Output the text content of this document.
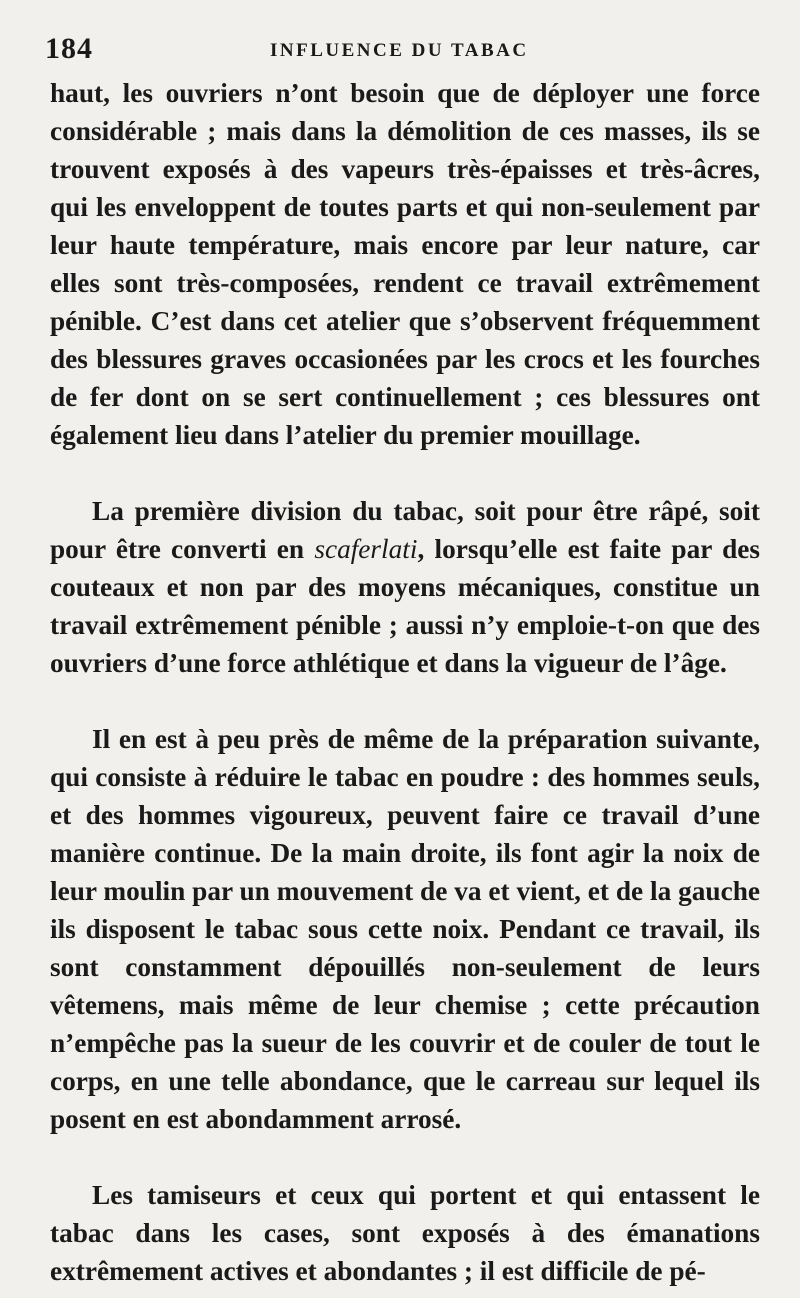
184	INFLUENCE DU TABAC

haut, les ouvriers n’ont besoin que de déployer une force considérable ; mais dans la démolition de ces masses, ils se trouvent exposés à des vapeurs très-épaisses et très-âcres, qui les enveloppent de toutes parts et qui non-seulement par leur haute température, mais encore par leur nature, car elles sont très-composées, rendent ce travail extrêmement pénible. C’est dans cet atelier que s’observent fréquemment des blessures graves occasionées par les crocs et les fourches de fer dont on se sert continuellement ; ces blessures ont également lieu dans l’atelier du premier mouillage.

La première division du tabac, soit pour être râpé, soit pour être converti en scaferlati, lorsqu’elle est faite par des couteaux et non par des moyens mécaniques, constitue un travail extrêmement pénible ; aussi n’y emploie-t-on que des ouvriers d’une force athlétique et dans la vigueur de l’âge.

Il en est à peu près de même de la préparation suivante, qui consiste à réduire le tabac en poudre : des hommes seuls, et des hommes vigoureux, peuvent faire ce travail d’une manière continue. De la main droite, ils font agir la noix de leur moulin par un mouvement de va et vient, et de la gauche ils disposent le tabac sous cette noix. Pendant ce travail, ils sont constamment dépouillés non-seulement de leurs vêtemens, mais même de leur chemise ; cette précaution n’empêche pas la sueur de les couvrir et de couler de tout le corps, en une telle abondance, que le carreau sur lequel ils posent en est abondamment arrosé.

Les tamiseurs et ceux qui portent et qui entassent le tabac dans les cases, sont exposés à des émanations extrêmement actives et abondantes ; il est difficile de pé-
